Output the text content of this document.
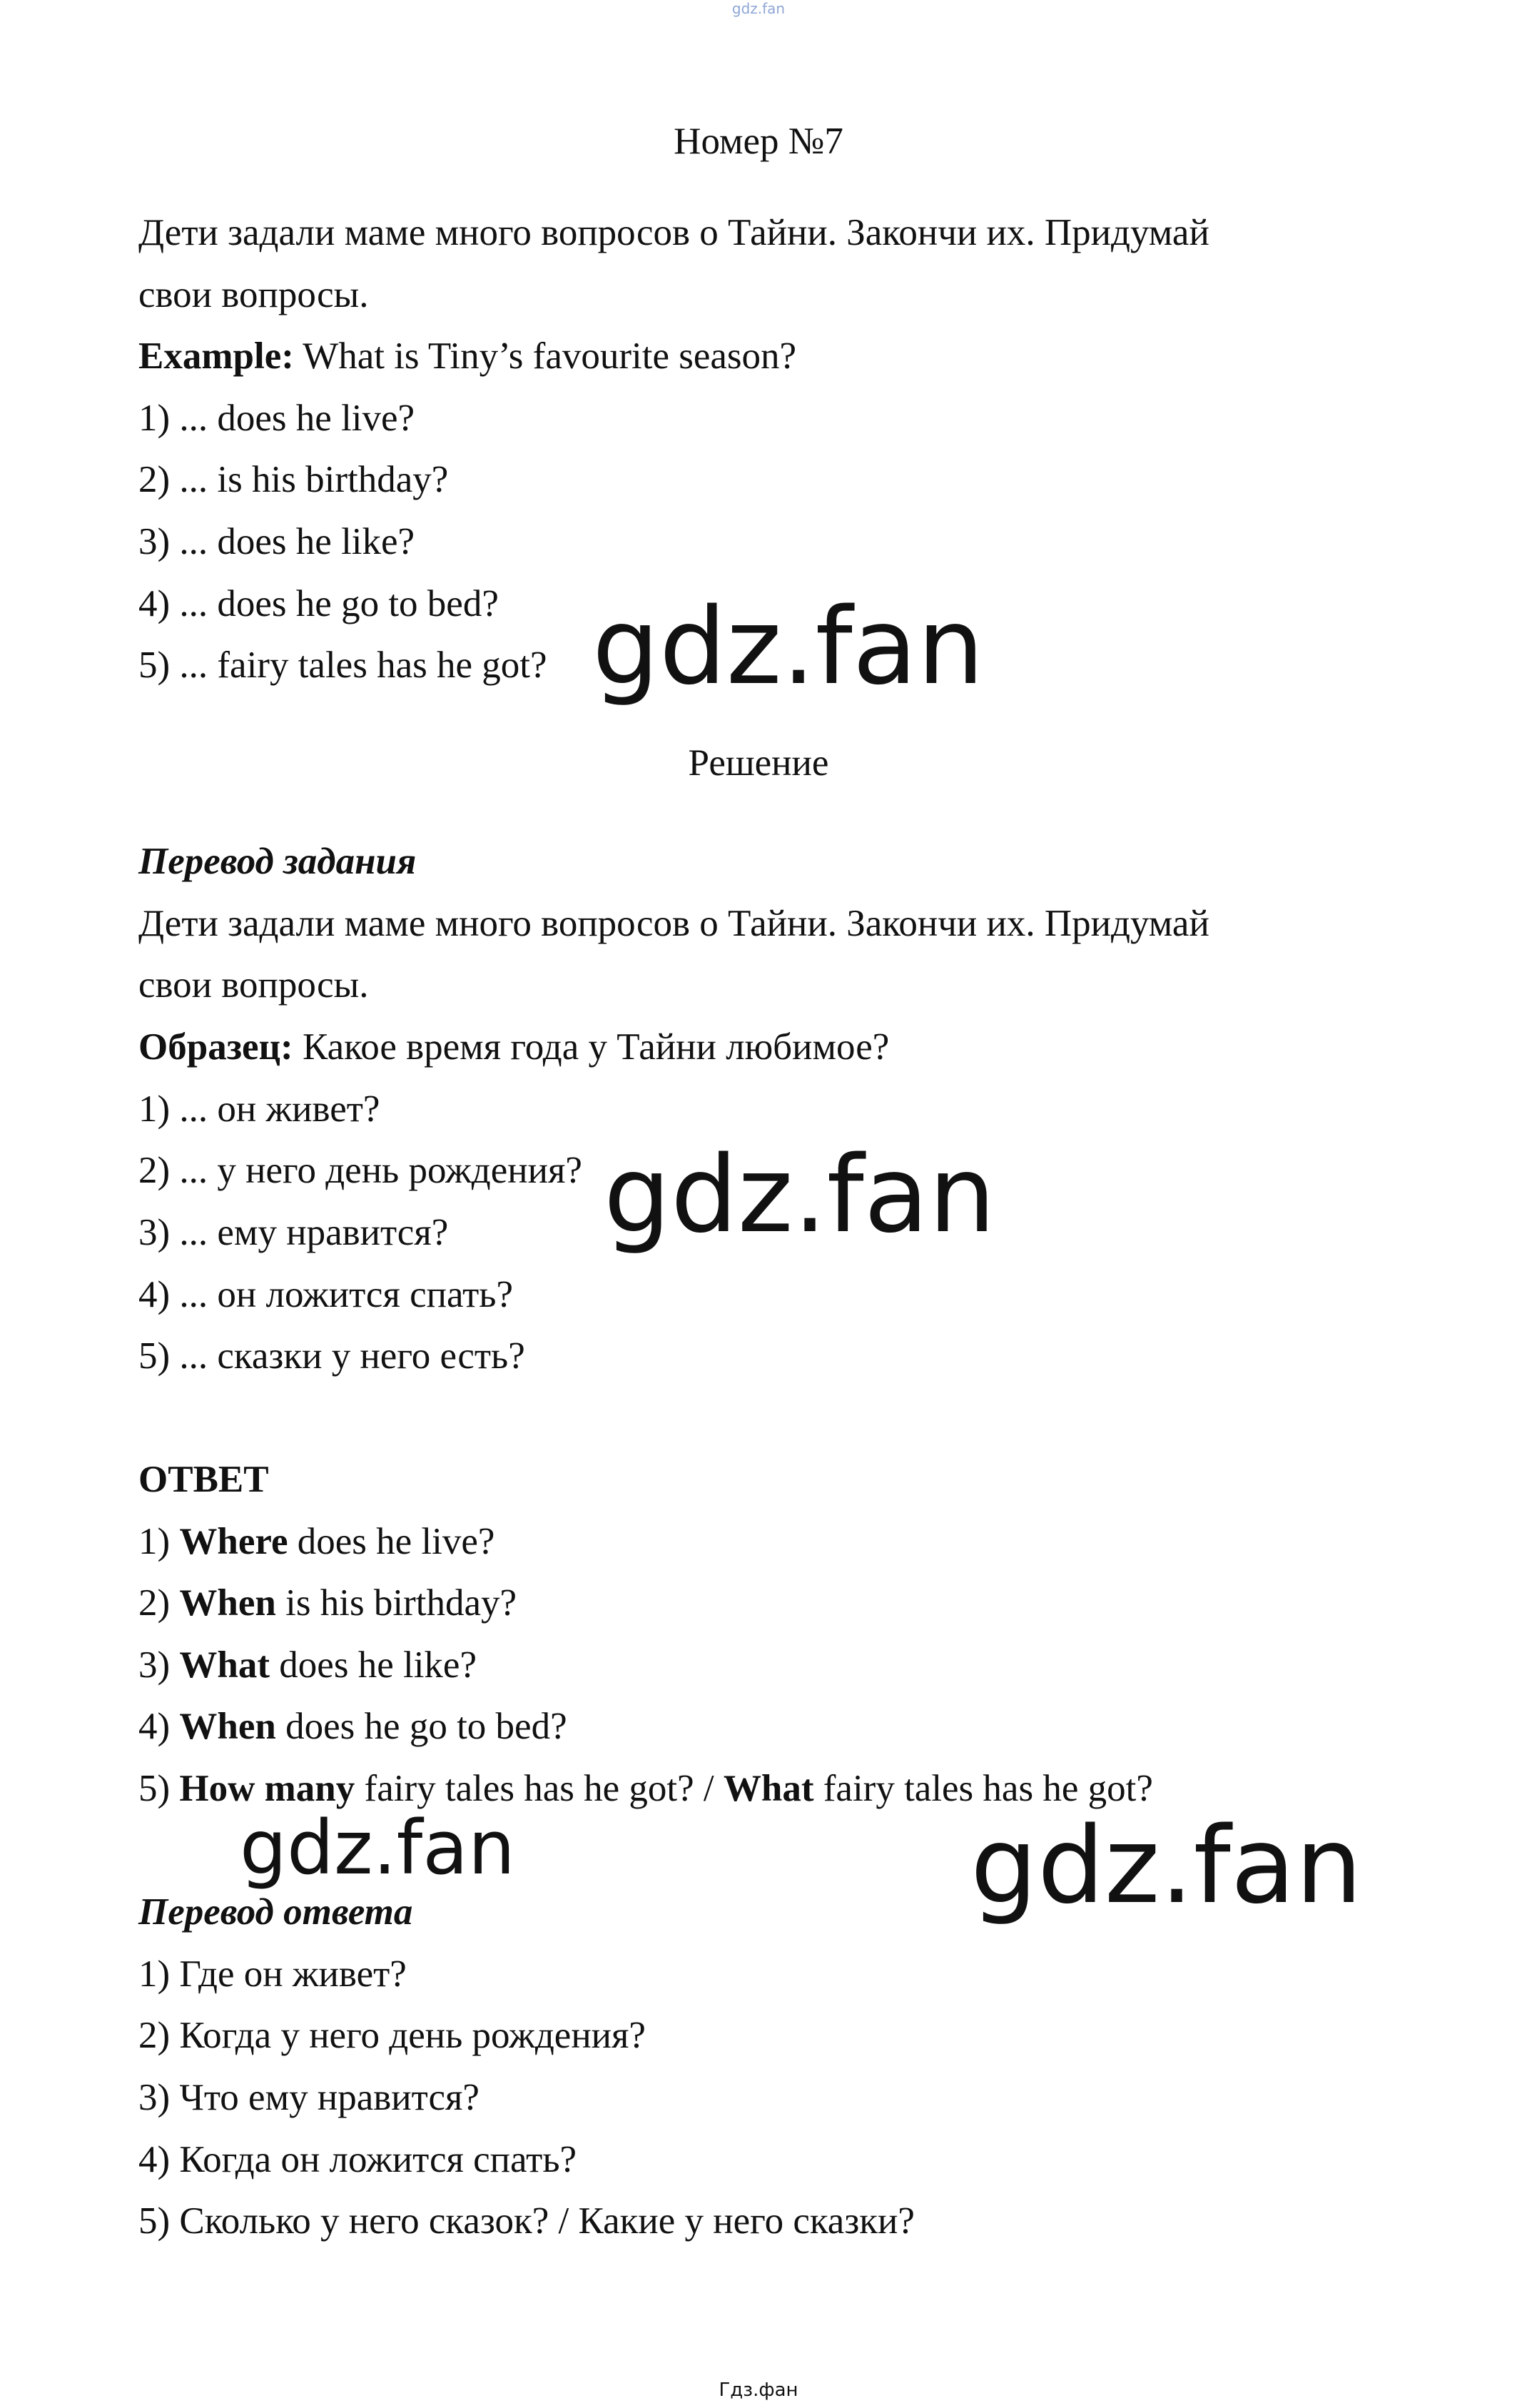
gdz.fan
Номер №7
Дети задали маме много вопросов о Тайни. Закончи их. Придумай
свои вопросы.
Example: What is Tiny’s favourite season?
1) ... does he live?
2) ... is his birthday?
3) ... does he like?
4) ... does he go to bed?
5) ... fairy tales has he got? gdz.fan
Решение
Перевод задания
Дети задали маме много вопросов о Тайни. Закончи их. Придумай
свои вопросы.
Образец: Какое время года у Тайни любимое?
1) ... он живет?
2) ... у него день рождения?
3) ... ему нравится?
4) ... он ложится спать?
5) ... сказки у него есть?
gdz.fan
ОТВЕТ
1) Where does he live?
2) When is his birthday?
3) What does he like?
4) When does he go to bed?
5) How many fairy tales has he got? / What fairy tales has he got?
gdz.fan	gdz.fan
Перевод ответа
1) Где он живет?
2) Когда у него день рождения?
3) Что ему нравится?
4) Когда он ложится спать?
5) Сколько у него сказок? / Какие у него сказки?
Гдз.фан
